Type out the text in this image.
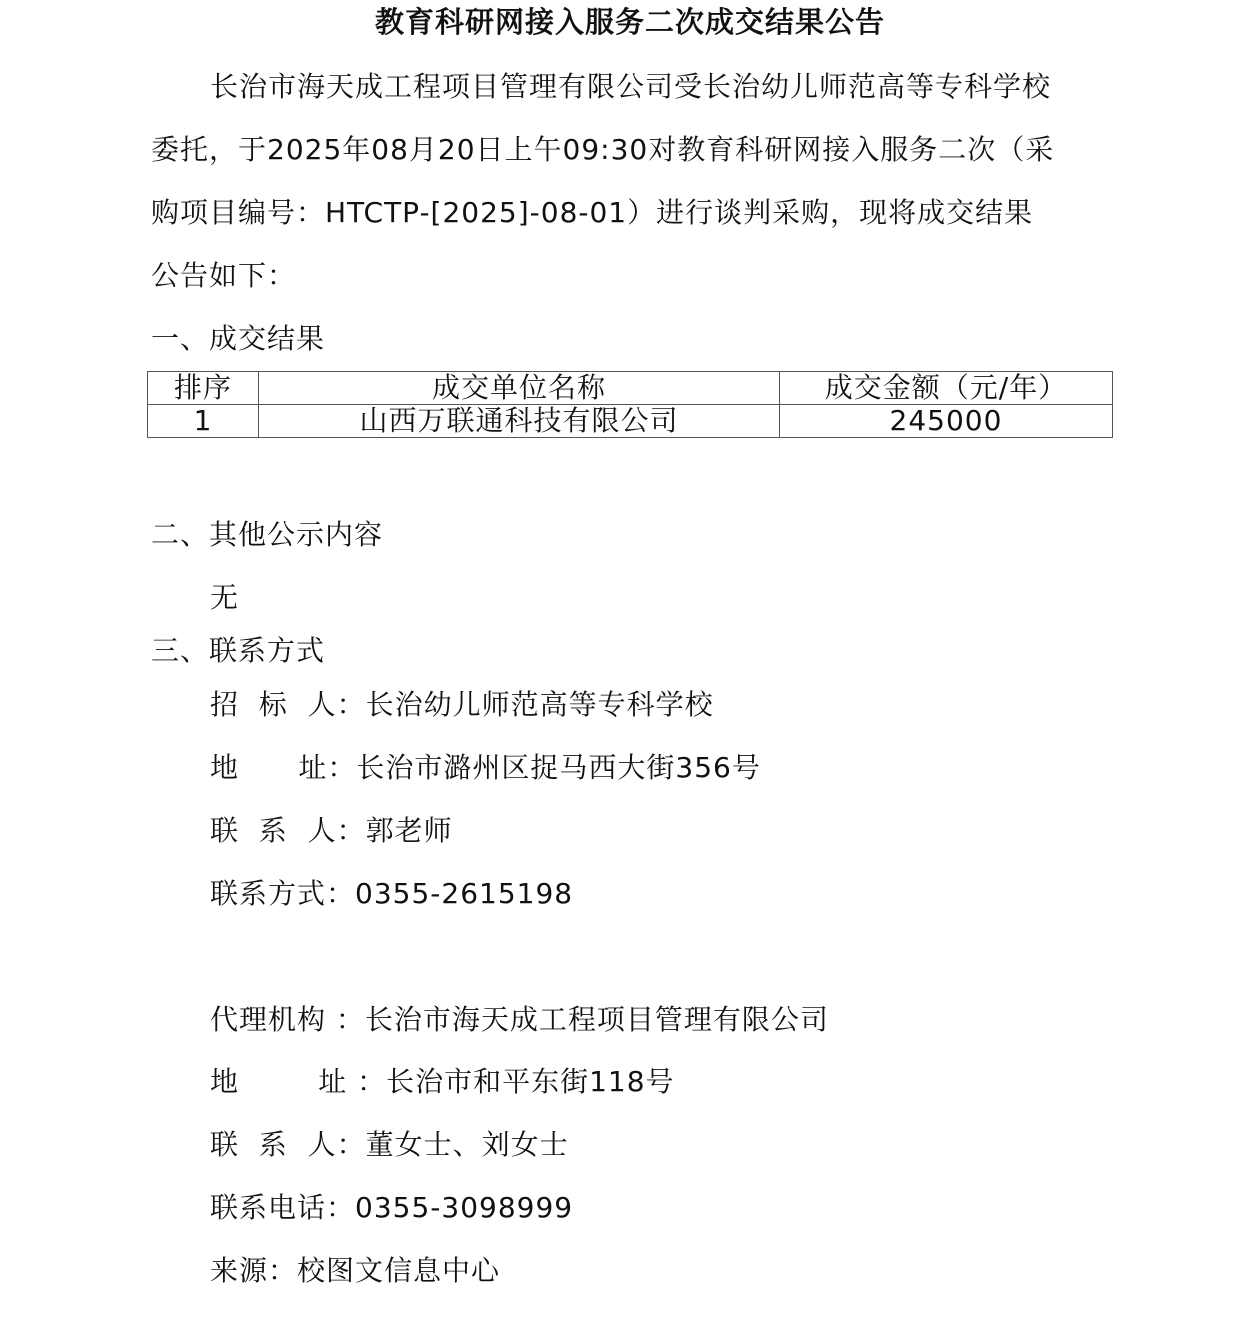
教育科研网接入服务二次成交结果公告
长治市海天成工程项目管理有限公司受长治幼儿师范高等专科学校
委托，于2025年08月20日上午09:30对教育科研网接入服务二次（采
购项目编号：HTCTP-[2025]-08-01）进行谈判采购，现将成交结果
公告如下：
一、成交结果
排序	成交单位名称	成交金额（元/年）
1	山西万联通科技有限公司	245000
二、其他公示内容
无
三、联系方式
招  标  人：长治幼儿师范高等专科学校
地      址：长治市潞州区捉马西大街356号
联  系  人：郭老师
联系方式：0355-2615198
代理机构 ：长治市海天成工程项目管理有限公司
地        址 ：长治市和平东街118号
联  系  人：董女士、刘女士
联系电话：0355-3098999
来源：校图文信息中心
